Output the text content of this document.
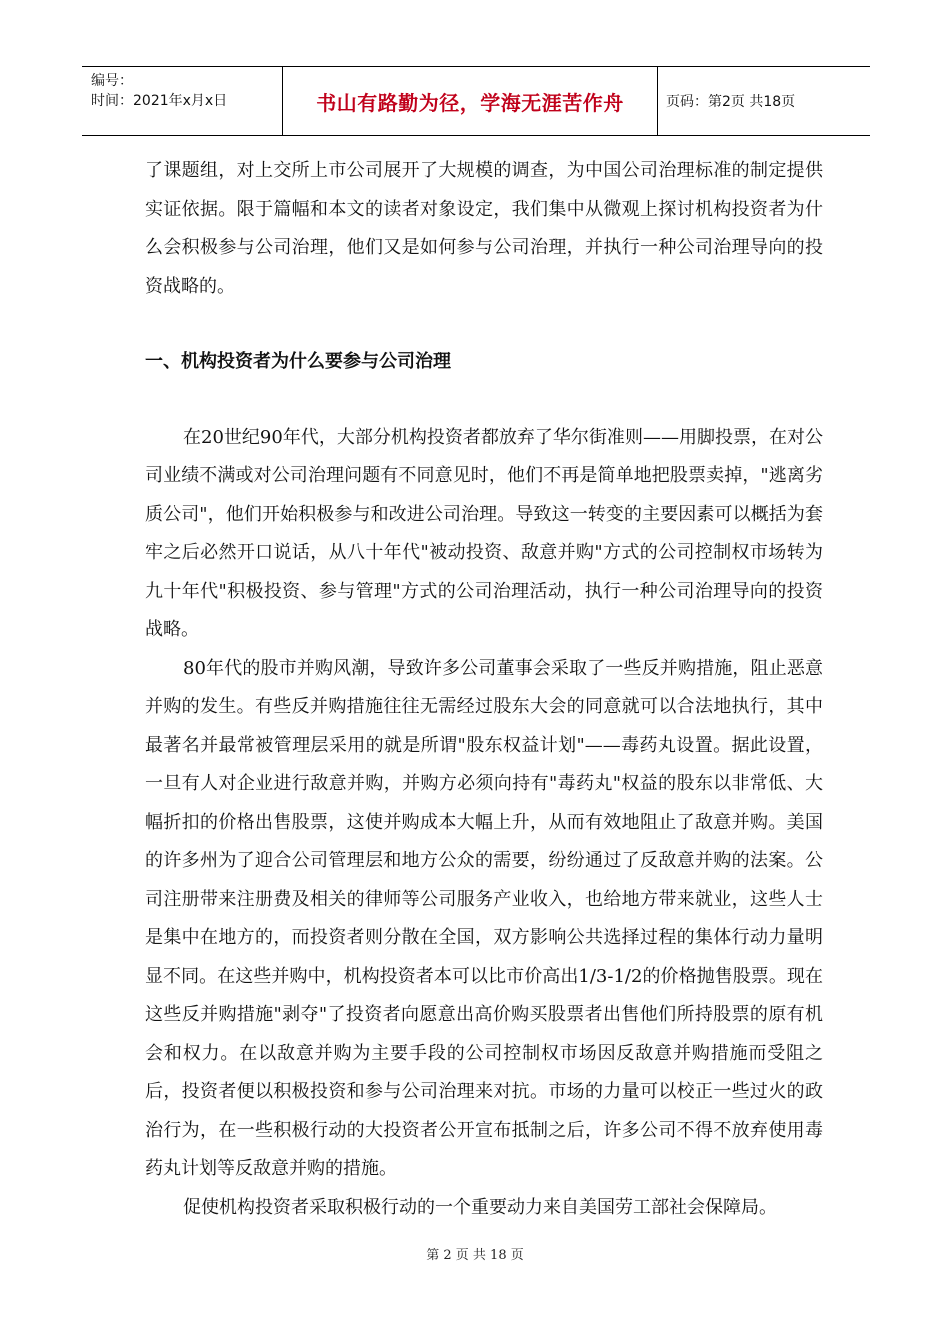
编号：
时间：2021年x月x日	书山有路勤为径，学海无涯苦作舟	页码：第2页 共18页

了课题组，对上交所上市公司展开了大规模的调查，为中国公司治理标准的制定提供实证依据。限于篇幅和本文的读者对象设定，我们集中从微观上探讨机构投资者为什么会积极参与公司治理，他们又是如何参与公司治理，并执行一种公司治理导向的投资战略的。

一、机构投资者为什么要参与公司治理

在20世纪90年代，大部分机构投资者都放弃了华尔街准则——用脚投票，在对公司业绩不满或对公司治理问题有不同意见时，他们不再是简单地把股票卖掉，"逃离劣质公司"，他们开始积极参与和改进公司治理。导致这一转变的主要因素可以概括为套牢之后必然开口说话，从八十年代"被动投资、敌意并购"方式的公司控制权市场转为九十年代"积极投资、参与管理"方式的公司治理活动，执行一种公司治理导向的投资战略。

80年代的股市并购风潮，导致许多公司董事会采取了一些反并购措施，阻止恶意并购的发生。有些反并购措施往往无需经过股东大会的同意就可以合法地执行，其中最著名并最常被管理层采用的就是所谓"股东权益计划"——毒药丸设置。据此设置，一旦有人对企业进行敌意并购，并购方必须向持有"毒药丸"权益的股东以非常低、大幅折扣的价格出售股票，这使并购成本大幅上升，从而有效地阻止了敌意并购。美国的许多州为了迎合公司管理层和地方公众的需要，纷纷通过了反敌意并购的法案。公司注册带来注册费及相关的律师等公司服务产业收入，也给地方带来就业，这些人士是集中在地方的，而投资者则分散在全国，双方影响公共选择过程的集体行动力量明显不同。在这些并购中，机构投资者本可以比市价高出1/3-1/2的价格抛售股票。现在这些反并购措施"剥夺"了投资者向愿意出高价购买股票者出售他们所持股票的原有机会和权力。在以敌意并购为主要手段的公司控制权市场因反敌意并购措施而受阻之后，投资者便以积极投资和参与公司治理来对抗。市场的力量可以校正一些过火的政治行为，在一些积极行动的大投资者公开宣布抵制之后，许多公司不得不放弃使用毒药丸计划等反敌意并购的措施。

促使机构投资者采取积极行动的一个重要动力来自美国劳工部社会保障局。

第 2 页 共 18 页
